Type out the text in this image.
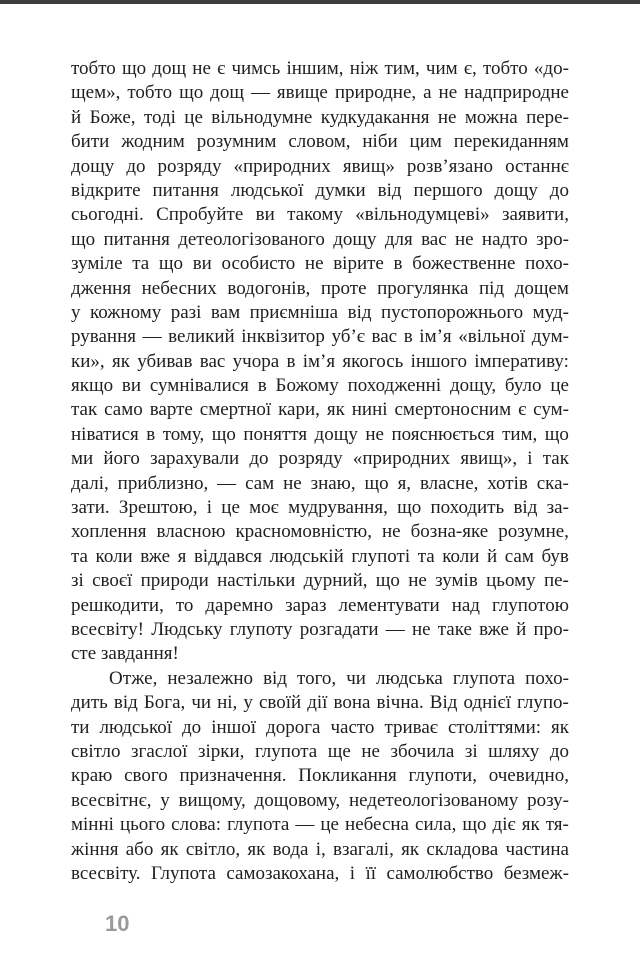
тобто що дощ не є чимсь іншим, ніж тим, чим є, тобто «до-
щем», тобто що дощ — явище природне, а не надприродне
й Боже, тоді це вільнодумне кудкудакання не можна пере-
бити жодним розумним словом, ніби цим перекиданням
дощу до розряду «природних явищ» розв’язано останнє
відкрите питання людської думки від першого дощу до
сьогодні. Спробуйте ви такому «вільнодумцеві» заявити,
що питання детеологізованого дощу для вас не надто зро-
зуміле та що ви особисто не вірите в божественне похо-
дження небесних водогонів, проте прогулянка під дощем
у кожному разі вам приємніша від пустопорожнього муд-
рування — великий інквізитор уб’є вас в ім’я «вільної дум-
ки», як убивав вас учора в ім’я якогось іншого імперативу:
якщо ви сумнівалися в Божому походженні дощу, було це
так само варте смертної кари, як нині смертоносним є сум-
ніватися в тому, що поняття дощу не пояснюється тим, що
ми його зарахували до розряду «природних явищ», і так
далі, приблизно, — сам не знаю, що я, власне, хотів ска-
зати. Зрештою, і це моє мудрування, що походить від за-
хоплення власною красномовністю, не бозна-яке розумне,
та коли вже я віддався людській глупоті та коли й сам був
зі своєї природи настільки дурний, що не зумів цьому пе-
решкодити, то даремно зараз лементувати над глупотою
всесвіту! Людську глупоту розгадати — не таке вже й про-
сте завдання!
Отже, незалежно від того, чи людська глупота похо-
дить від Бога, чи ні, у своїй дії вона вічна. Від однієї глупо-
ти людської до іншої дорога часто триває століттями: як
світло згаслої зірки, глупота ще не збочила зі шляху до
краю свого призначення. Покликання глупоти, очевидно,
всесвітнє, у вищому, дощовому, недетеологізованому розу-
мінні цього слова: глупота — це небесна сила, що діє як тя-
жіння або як світло, як вода і, взагалі, як складова частина
всесвіту. Глупота самозакохана, і її самолюбство безмеж-
10
